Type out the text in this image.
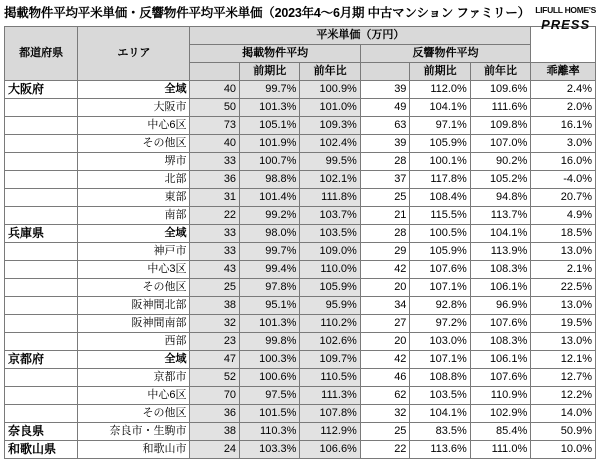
掲載物件平均平米単価・反響物件平均平米単価（2023年4～6月期 中古マンション ファミリー） LIFULL HOME'S
PRESS
都道府県	エリア	平米単価（万円）						
		掲載物件平均			反響物件平均			
			前期比	前年比		前期比	前年比	乖離率
大阪府	全域	40	99.7%	100.9%	39	112.0%	109.6%	2.4%
	大阪市	50	101.3%	101.0%	49	104.1%	111.6%	2.0%
	中心6区	73	105.1%	109.3%	63	97.1%	109.8%	16.1%
	その他区	40	101.9%	102.4%	39	105.9%	107.0%	3.0%
	堺市	33	100.7%	99.5%	28	100.1%	90.2%	16.0%
	北部	36	98.8%	102.1%	37	117.8%	105.2%	-4.0%
	東部	31	101.4%	111.8%	25	108.4%	94.8%	20.7%
	南部	22	99.2%	103.7%	21	115.5%	113.7%	4.9%
兵庫県	全域	33	98.0%	103.5%	28	100.5%	104.1%	18.5%
	神戸市	33	99.7%	109.0%	29	105.9%	113.9%	13.0%
	中心3区	43	99.4%	110.0%	42	107.6%	108.3%	2.1%
	その他区	25	97.8%	105.9%	20	107.1%	106.1%	22.5%
	阪神間北部	38	95.1%	95.9%	34	92.8%	96.9%	13.0%
	阪神間南部	32	101.3%	110.2%	27	97.2%	107.6%	19.5%
	西部	23	99.8%	102.6%	20	103.0%	108.3%	13.0%
京都府	全域	47	100.3%	109.7%	42	107.1%	106.1%	12.1%
	京都市	52	100.6%	110.5%	46	108.8%	107.6%	12.7%
	中心6区	70	97.5%	111.3%	62	103.5%	110.9%	12.2%
	その他区	36	101.5%	107.8%	32	104.1%	102.9%	14.0%
奈良県	奈良市・生駒市	38	110.3%	112.9%	25	83.5%	85.4%	50.9%
和歌山県	和歌山市	24	103.3%	106.6%	22	113.6%	111.0%	10.0%
